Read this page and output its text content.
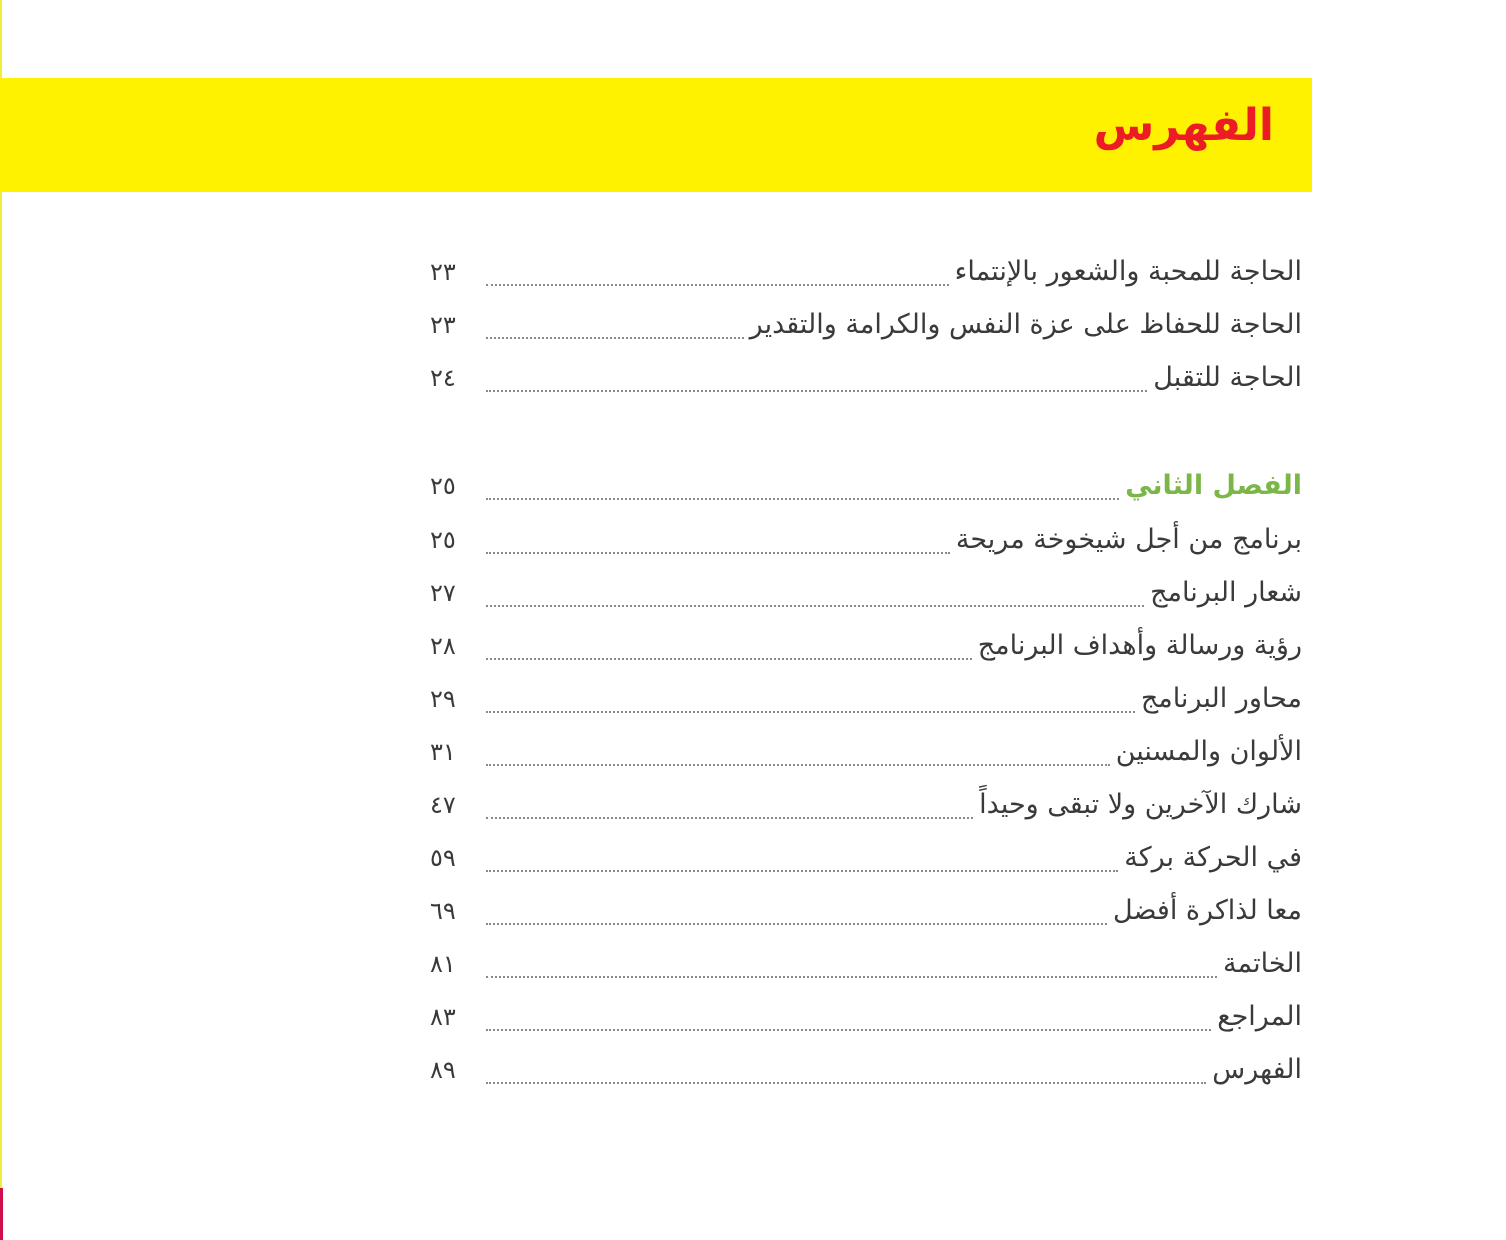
الفهرس
الحاجة للمحبة والشعور بالإنتماء
٢٣
الحاجة للحفاظ على عزة النفس والكرامة والتقدير
٢٣
الحاجة للتقبل
٢٤
الفصل الثاني
٢٥
برنامج من أجل شيخوخة مريحة
٢٥
شعار البرنامج
٢٧
رؤية ورسالة وأهداف البرنامج
٢٨
محاور البرنامج
٢٩
الألوان والمسنين
٣١
شارك الآخرين ولا تبقى وحيداً
٤٧
في الحركة بركة
٥٩
معا لذاكرة أفضل
٦٩
الخاتمة
٨١
المراجع
٨٣
الفهرس
٨٩
